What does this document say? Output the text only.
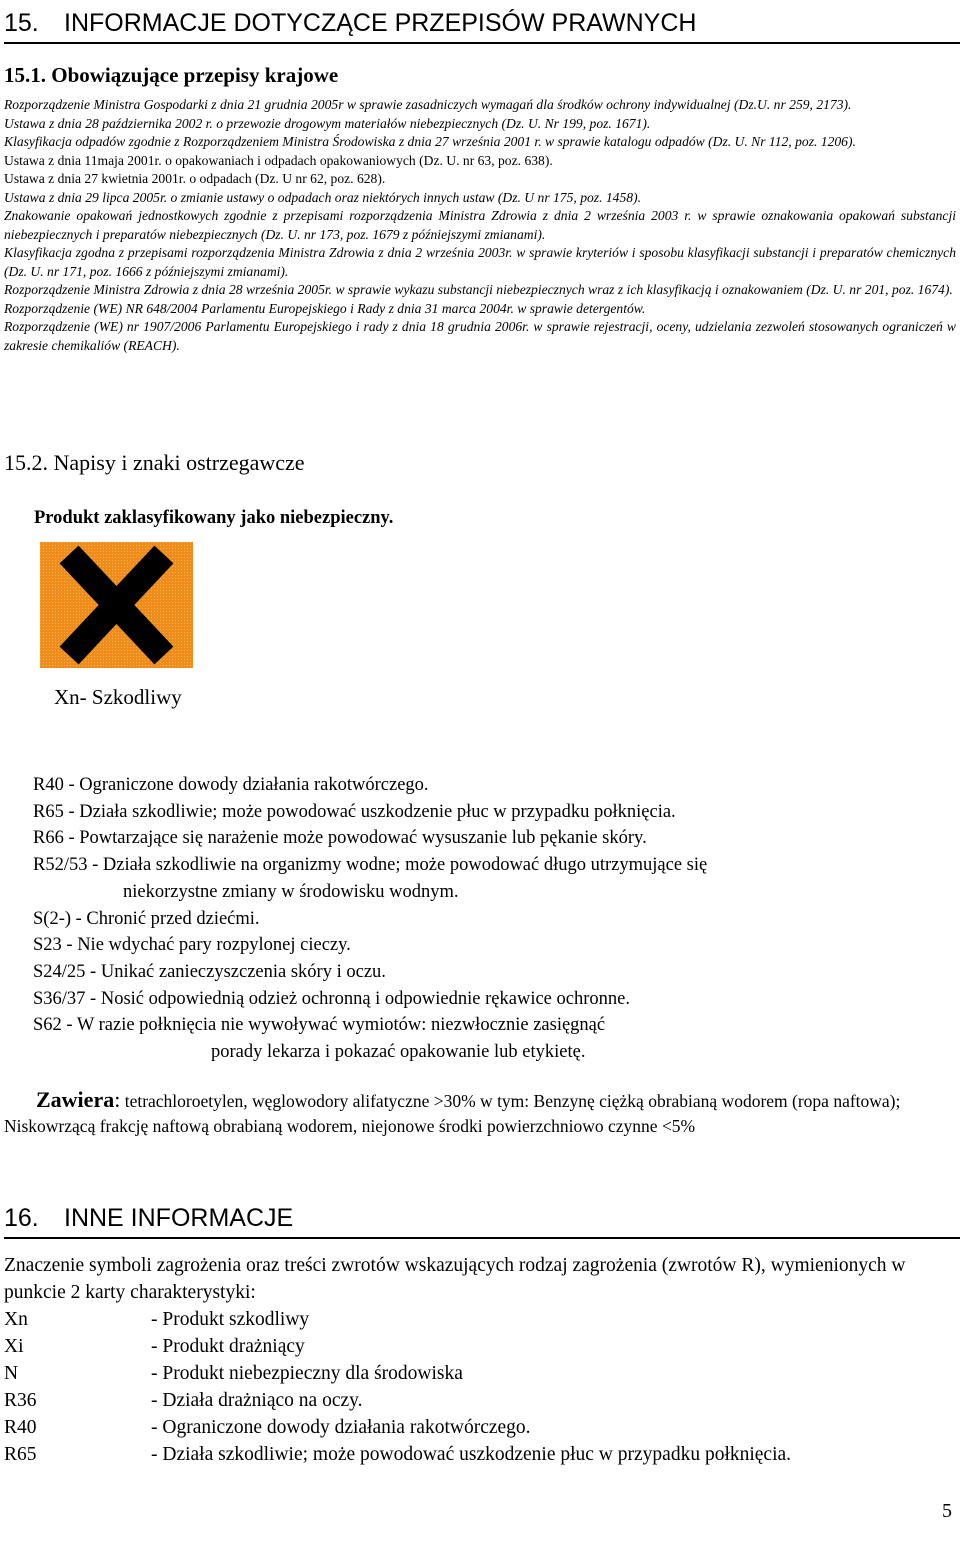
15. INFORMACJE DOTYCZĄCE PRZEPISÓW PRAWNYCH
15.1. Obowiązujące przepisy krajowe

Rozporządzenie Ministra Gospodarki z dnia 21 grudnia 2005r w sprawie zasadniczych wymagań dla środków ochrony indywidualnej (Dz.U. nr 259, 2173).

Ustawa z dnia 28 października 2002 r. o przewozie drogowym materiałów niebezpiecznych (Dz. U. Nr 199, poz. 1671).

Klasyfikacja odpadów zgodnie z Rozporządzeniem Ministra Środowiska z dnia 27 września 2001 r. w sprawie katalogu odpadów (Dz. U. Nr 112, poz. 1206).

Ustawa z dnia 11maja 2001r. o opakowaniach i odpadach opakowaniowych (Dz. U. nr 63, poz. 638).

Ustawa z dnia 27 kwietnia 2001r. o odpadach (Dz. U nr 62, poz. 628).

Ustawa z dnia 29 lipca 2005r. o zmianie ustawy o odpadach oraz niektórych innych ustaw (Dz. U nr 175, poz. 1458).

Znakowanie opakowań jednostkowych zgodnie z przepisami rozporządzenia Ministra Zdrowia z dnia 2 września 2003 r. w sprawie oznakowania opakowań substancji niebezpiecznych i preparatów niebezpiecznych (Dz. U. nr 173, poz. 1679 z późniejszymi zmianami).

Klasyfikacja zgodna z przepisami rozporządzenia Ministra Zdrowia z dnia 2 września 2003r. w sprawie kryteriów i sposobu klasyfikacji substancji i preparatów chemicznych (Dz. U. nr 171, poz. 1666 z późniejszymi zmianami).

Rozporządzenie Ministra Zdrowia z dnia 28 września 2005r. w sprawie wykazu substancji niebezpiecznych wraz z ich klasyfikacją i oznakowaniem (Dz. U. nr 201, poz. 1674).

Rozporządzenie (WE) NR 648/2004 Parlamentu Europejskiego i Rady z dnia 31 marca 2004r. w sprawie detergentów.

Rozporządzenie (WE) nr 1907/2006 Parlamentu Europejskiego i rady z dnia 18 grudnia 2006r. w sprawie rejestracji, oceny, udzielania zezwoleń stosowanych ograniczeń w zakresie chemikaliów (REACH).

15.2. Napisy i znaki ostrzegawcze
Produkt zaklasyfikowany jako niebezpieczny.
Xn- Szkodliwy
R40 - Ograniczone dowody działania rakotwórczego.
R65 - Działa szkodliwie; może powodować uszkodzenie płuc w przypadku połknięcia.
R66 - Powtarzające się narażenie może powodować wysuszanie lub pękanie skóry.
R52/53 - Działa szkodliwie na organizmy wodne; może powodować długo utrzymujące się
niekorzystne zmiany w środowisku wodnym.
S(2-) - Chronić przed dziećmi.
S23 - Nie wdychać pary rozpylonej cieczy.
S24/25 - Unikać zanieczyszczenia skóry i oczu.
S36/37 - Nosić odpowiednią odzież ochronną i odpowiednie rękawice ochronne.
S62 - W razie połknięcia nie wywoływać wymiotów: niezwłocznie zasięgnąć
porady lekarza i pokazać opakowanie lub etykietę.
Zawiera: tetrachloroetylen, węglowodory alifatyczne >30% w tym: Benzynę ciężką obrabianą wodorem (ropa naftowa); Niskowrzącą frakcję naftową obrabianą wodorem, niejonowe środki powierzchniowo czynne <5%
16. INNE INFORMACJE
Znaczenie symboli zagrożenia oraz treści zwrotów wskazujących rodzaj zagrożenia (zwrotów R), wymienionych w punkcie 2 karty charakterystyki:
Xn	- Produkt szkodliwy
Xi	- Produkt drażniący
N	- Produkt niebezpieczny dla środowiska
R36	- Działa drażniąco na oczy.
R40	- Ograniczone dowody działania rakotwórczego.
R65	- Działa szkodliwie; może powodować uszkodzenie płuc w przypadku połknięcia.
5
